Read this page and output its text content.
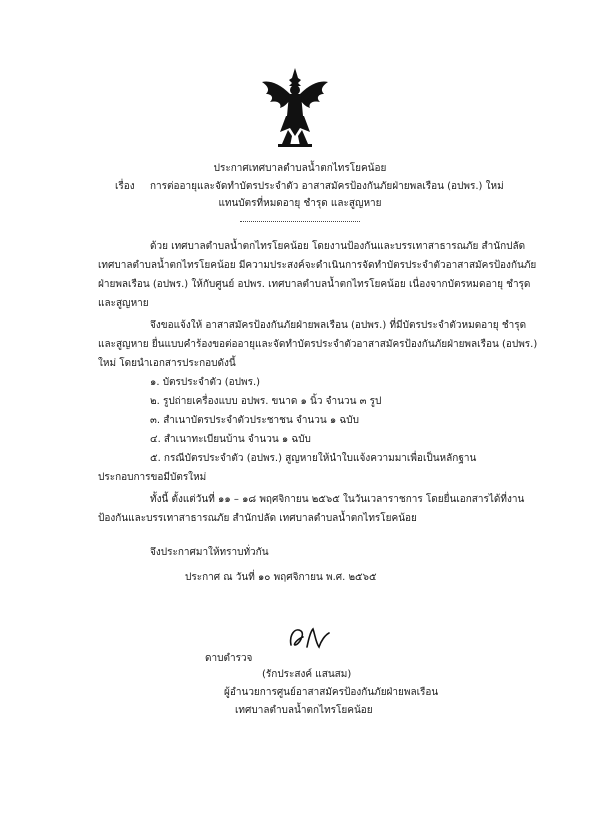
ประกาศเทศบาลตำบลน้ำตกไทรโยคน้อย
เรื่อง การต่ออายุและจัดทำบัตรประจำตัว อาสาสมัครป้องกันภัยฝ่ายพลเรือน (อปพร.) ใหม่
แทนบัตรที่หมดอายุ ชำรุด และสูญหาย
ด้วย เทศบาลตำบลน้ำตกไทรโยคน้อย โดยงานป้องกันและบรรเทาสาธารณภัย สำนักปลัด
เทศบาลตำบลน้ำตกไทรโยคน้อย มีความประสงค์จะดำเนินการจัดทำบัตรประจำตัวอาสาสมัครป้องกันภัย
ฝ่ายพลเรือน (อปพร.) ให้กับศูนย์ อปพร. เทศบาลตำบลน้ำตกไทรโยคน้อย เนื่องจากบัตรหมดอายุ ชำรุด
และสูญหาย
จึงขอแจ้งให้ อาสาสมัครป้องกันภัยฝ่ายพลเรือน (อปพร.) ที่มีบัตรประจำตัวหมดอายุ ชำรุด
และสูญหาย ยื่นแบบคำร้องขอต่ออายุและจัดทำบัตรประจำตัวอาสาสมัครป้องกันภัยฝ่ายพลเรือน (อปพร.)
ใหม่ โดยนำเอกสารประกอบดังนี้
๑. บัตรประจำตัว (อปพร.)
๒. รูปถ่ายเครื่องแบบ อปพร. ขนาด ๑ นิ้ว จำนวน ๓ รูป
๓. สำเนาบัตรประจำตัวประชาชน จำนวน ๑ ฉบับ
๔. สำเนาทะเบียนบ้าน จำนวน ๑ ฉบับ
๕. กรณีบัตรประจำตัว (อปพร.) สูญหายให้นำใบแจ้งความมาเพื่อเป็นหลักฐาน
ประกอบการขอมีบัตรใหม่
ทั้งนี้ ตั้งแต่วันที่ ๑๑ – ๑๘ พฤศจิกายน ๒๕๖๕ ในวันเวลาราชการ โดยยื่นเอกสารได้ที่งาน
ป้องกันและบรรเทาสาธารณภัย สำนักปลัด เทศบาลตำบลน้ำตกไทรโยคน้อย
จึงประกาศมาให้ทราบทั่วกัน
ประกาศ ณ วันที่ ๑๐ พฤศจิกายน พ.ศ. ๒๕๖๕
ดาบตำรวจ
(รักประสงค์ แสนสม)
ผู้อำนวยการศูนย์อาสาสมัครป้องกันภัยฝ่ายพลเรือน
เทศบาลตำบลน้ำตกไทรโยคน้อย
